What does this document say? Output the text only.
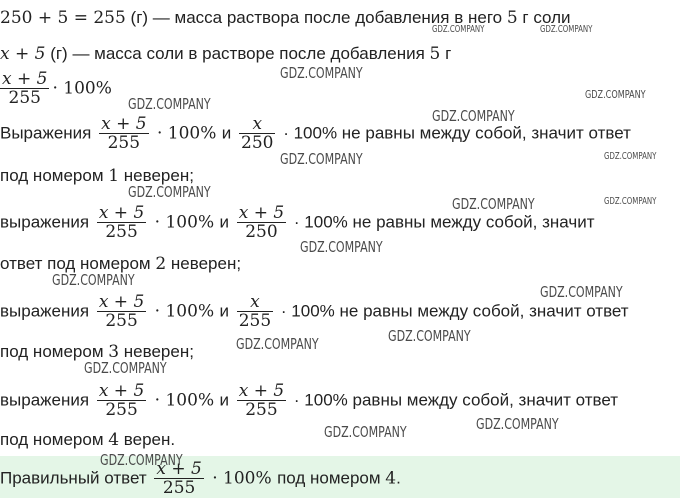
250 + 5 = 255 (г) — масса раствора после добавления в него 5 г соли
x + 5 (г) — масса соли в растворе после добавления 5 г
$\frac{x + 5}{255} \cdot 100\%$
Выражения $\frac{x + 5}{255} \cdot 100\%$ и $\frac{x}{250} \cdot 100\%$ не равны между собой, значит ответ
под номером 1 неверен;
выражения $\frac{x + 5}{255} \cdot 100\%$ и $\frac{x + 5}{250} \cdot 100\%$ не равны между собой, значит
ответ под номером 2 неверен;
выражения $\frac{x + 5}{255} \cdot 100\%$ и $\frac{x}{255} \cdot 100\%$ не равны между собой, значит ответ
под номером 3 неверен;
выражения $\frac{x + 5}{255} \cdot 100\%$ и $\frac{x + 5}{255} \cdot 100\%$ равны между собой, значит ответ
под номером 4 верен.
Правильный ответ $\frac{x + 5}{255} \cdot 100\%$ под номером 4.
GDZ.COMPANY	GDZ.COMPANY
GDZ.COMPANY
GDZ.COMPANY
GDZ.COMPANY
GDZ.COMPANY
GDZ.COMPANY	GDZ.COMPANY
GDZ.COMPANY
GDZ.COMPANY	GDZ.COMPANY
GDZ.COMPANY
GDZ.COMPANY
GDZ.COMPANY
GDZ.COMPANY
GDZ.COMPANY
GDZ.COMPANY
GDZ.COMPANY
GDZ.COMPANY
GDZ.COMPANY
